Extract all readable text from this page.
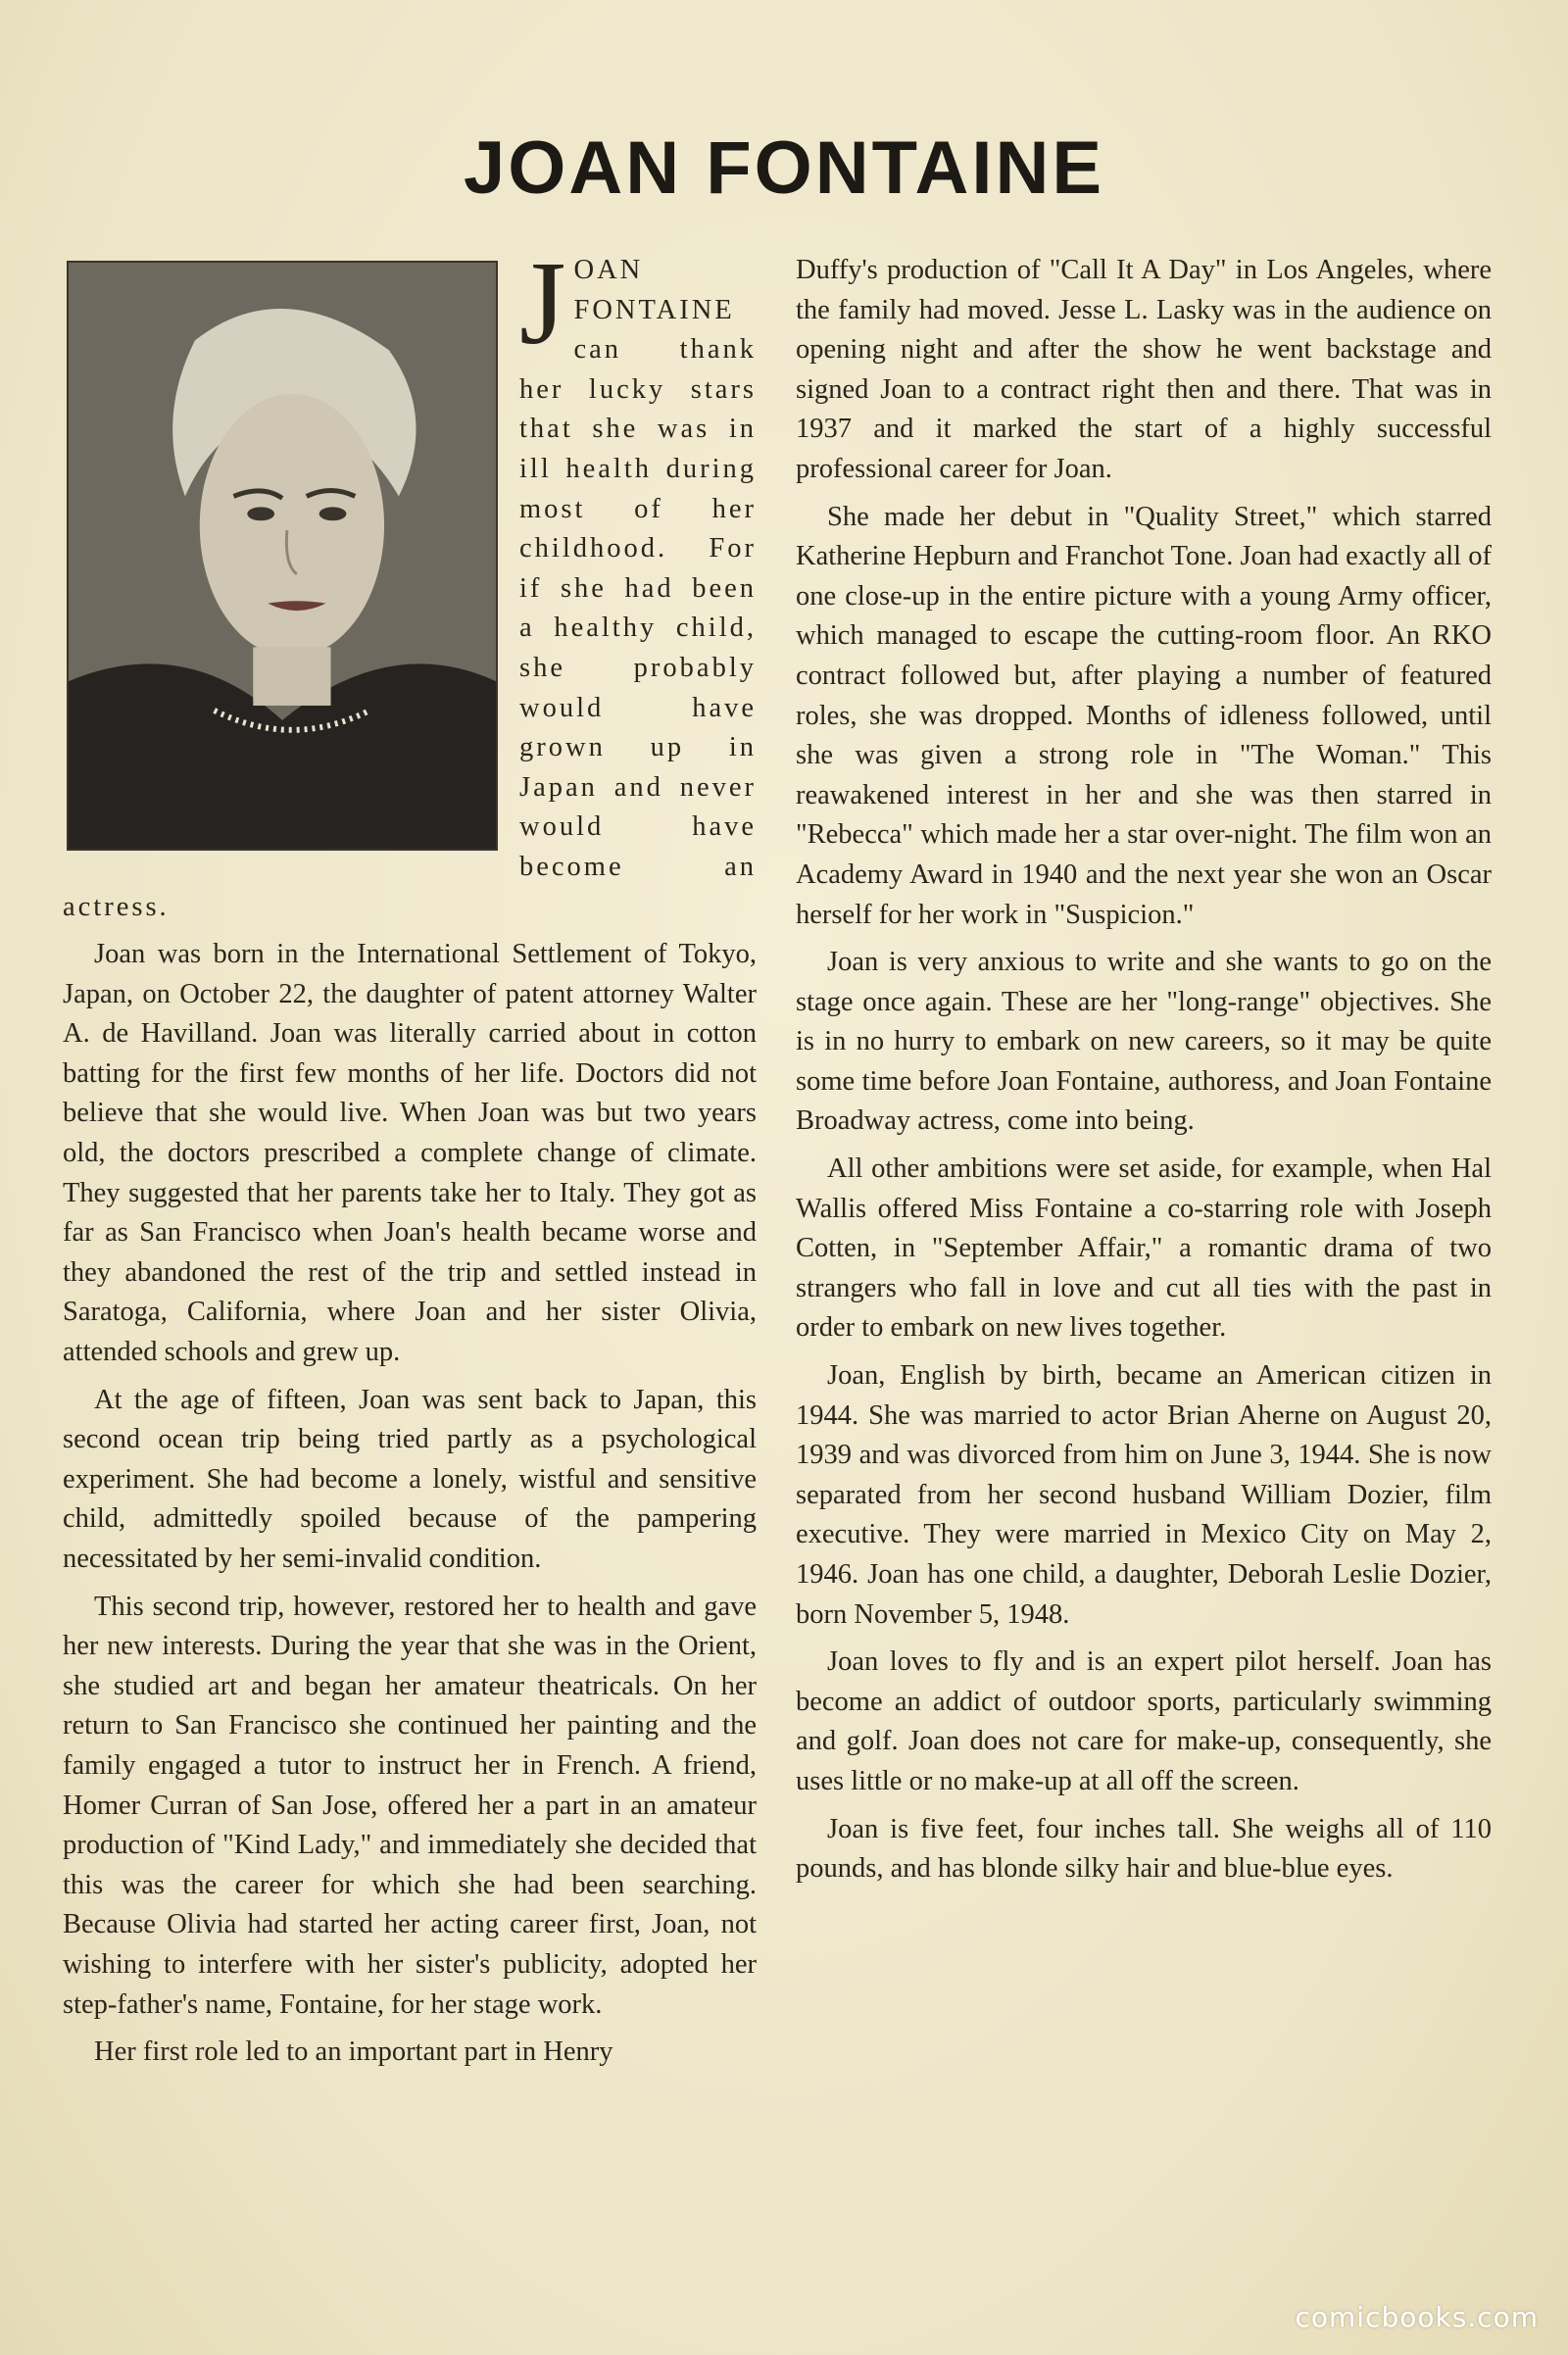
JOAN FONTAINE

JOAN FONTAINE can thank her lucky stars that she was in ill health during most of her childhood. For if she had been a healthy child, she probably would have grown up in Japan and never would have become an actress.

Joan was born in the International Settlement of Tokyo, Japan, on October 22, the daughter of patent attorney Walter A. de Havilland. Joan was literally carried about in cotton batting for the first few months of her life. Doctors did not believe that she would live. When Joan was but two years old, the doctors prescribed a complete change of climate. They suggested that her parents take her to Italy. They got as far as San Francisco when Joan's health became worse and they abandoned the rest of the trip and settled instead in Saratoga, California, where Joan and her sister Olivia, attended schools and grew up.

At the age of fifteen, Joan was sent back to Japan, this second ocean trip being tried partly as a psychological experiment. She had become a lonely, wistful and sensitive child, admittedly spoiled because of the pampering necessitated by her semi-invalid condition.

This second trip, however, restored her to health and gave her new interests. During the year that she was in the Orient, she studied art and began her amateur theatricals. On her return to San Francisco she continued her painting and the family engaged a tutor to instruct her in French. A friend, Homer Curran of San Jose, offered her a part in an amateur production of "Kind Lady," and immediately she decided that this was the career for which she had been searching. Because Olivia had started her acting career first, Joan, not wishing to interfere with her sister's publicity, adopted her step-father's name, Fontaine, for her stage work.

Her first role led to an important part in Henry

Duffy's production of "Call It A Day" in Los Angeles, where the family had moved. Jesse L. Lasky was in the audience on opening night and after the show he went backstage and signed Joan to a contract right then and there. That was in 1937 and it marked the start of a highly successful professional career for Joan.

She made her debut in "Quality Street," which starred Katherine Hepburn and Franchot Tone. Joan had exactly all of one close-up in the entire picture with a young Army officer, which managed to escape the cutting-room floor. An RKO contract followed but, after playing a number of featured roles, she was dropped. Months of idleness followed, until she was given a strong role in "The Woman." This reawakened interest in her and she was then starred in "Rebecca" which made her a star over-night. The film won an Academy Award in 1940 and the next year she won an Oscar herself for her work in "Suspicion."

Joan is very anxious to write and she wants to go on the stage once again. These are her "long-range" objectives. She is in no hurry to embark on new careers, so it may be quite some time before Joan Fontaine, authoress, and Joan Fontaine Broadway actress, come into being.

All other ambitions were set aside, for example, when Hal Wallis offered Miss Fontaine a co-starring role with Joseph Cotten, in "September Affair," a romantic drama of two strangers who fall in love and cut all ties with the past in order to embark on new lives together.

Joan, English by birth, became an American citizen in 1944. She was married to actor Brian Aherne on August 20, 1939 and was divorced from him on June 3, 1944. She is now separated from her second husband William Dozier, film executive. They were married in Mexico City on May 2, 1946. Joan has one child, a daughter, Deborah Leslie Dozier, born November 5, 1948.

Joan loves to fly and is an expert pilot herself. Joan has become an addict of outdoor sports, particularly swimming and golf. Joan does not care for make-up, consequently, she uses little or no make-up at all off the screen.

Joan is five feet, four inches tall. She weighs all of 110 pounds, and has blonde silky hair and blue-blue eyes.

comicbooks.com
